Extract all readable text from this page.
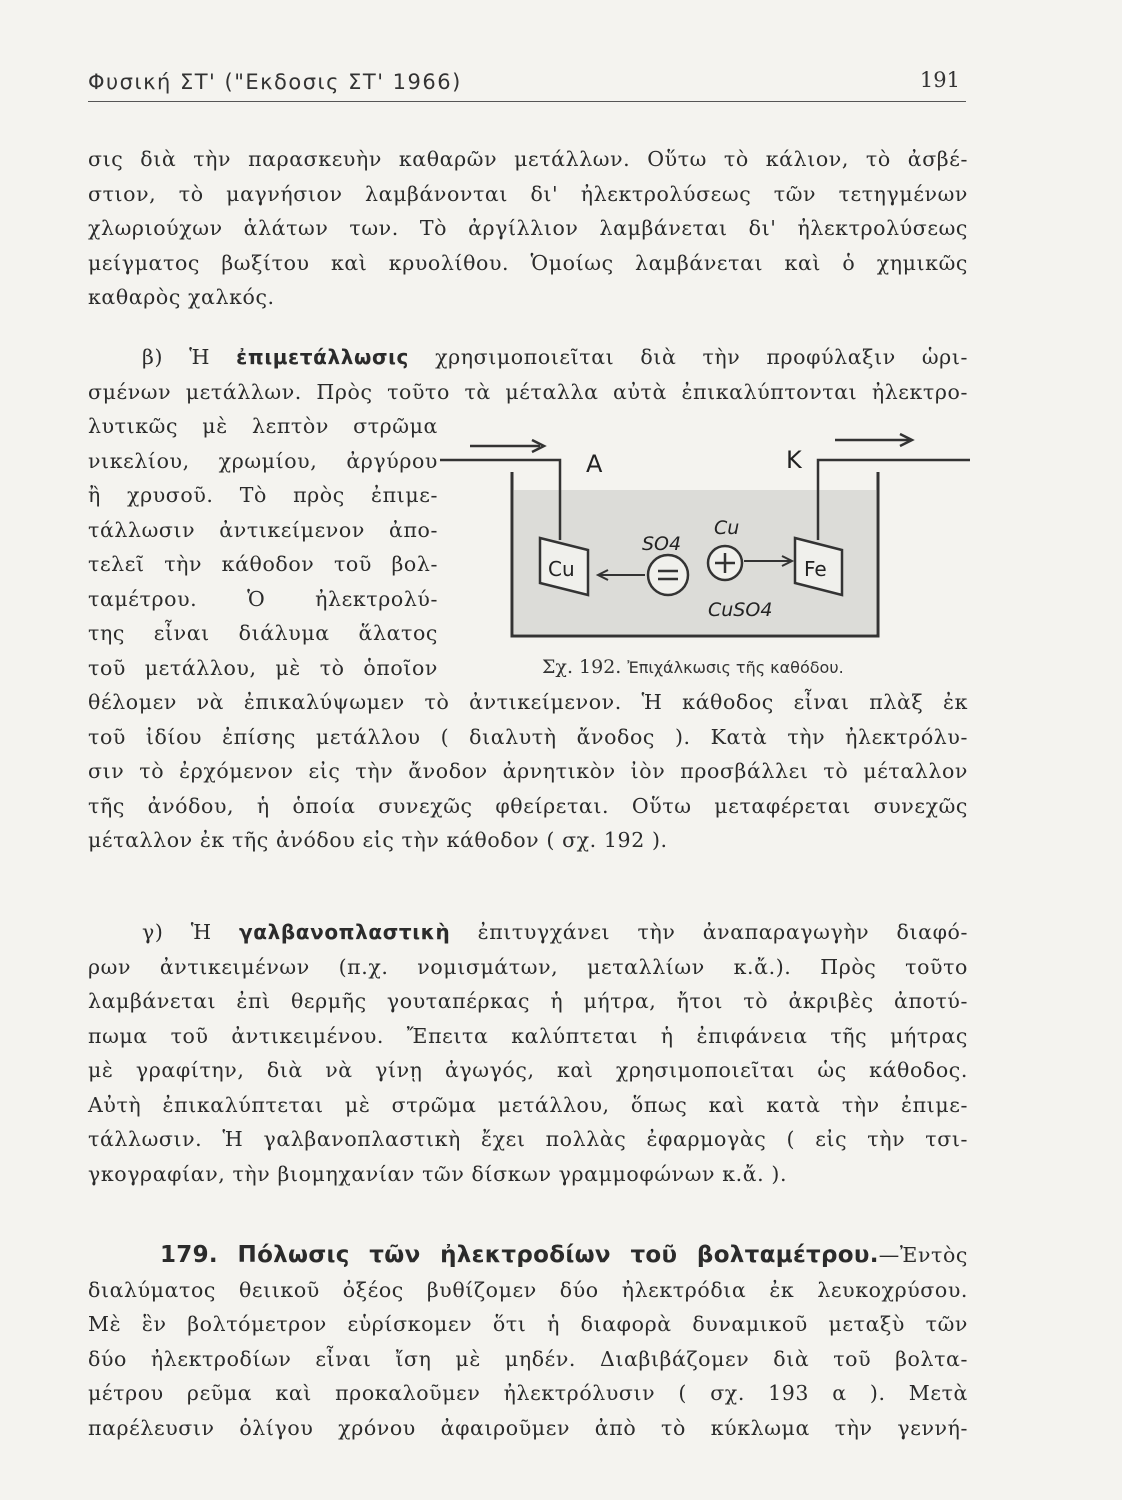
Φυσική ΣΤ' ("Εκδοσις ΣΤ' 1966)	191
σις διὰ τὴν παρασκευὴν καθαρῶν μετάλλων. Οὕτω τὸ κάλιον, τὸ ἀσβέ-
στιον, τὸ μαγνήσιον λαμβάνονται δι' ἠλεκτρολύσεως τῶν τετηγμένων
χλωριούχων ἁλάτων των. Τὸ ἀργίλλιον λαμβάνεται δι' ἠλεκτρολύσεως
μείγματος βωξίτου καὶ κρυολίθου. Ὁμοίως λαμβάνεται καὶ ὁ χημικῶς
καθαρὸς χαλκός.
β) Ἡ ἐπιμετάλλωσις χρησιμοποιεῖται διὰ τὴν προφύλαξιν ὡρι-
σμένων μετάλλων. Πρὸς τοῦτο τὰ μέταλλα αὐτὰ ἐπικαλύπτονται ἠλεκτρο-
λυτικῶς μὲ λεπτὸν στρῶμα
νικελίου, χρωμίου, ἀργύρου
ἢ χρυσοῦ. Τὸ πρὸς ἐπιμε-
τάλλωσιν ἀντικείμενον ἀπο-
τελεῖ τὴν κάθοδον τοῦ βολ-
ταμέτρου. Ὁ ἠλεκτρολύ-
της εἶναι διάλυμα ἅλατος
τοῦ μετάλλου, μὲ τὸ ὁποῖον
θέλομεν νὰ ἐπικαλύψωμεν τὸ ἀντικείμενον. Ἡ κάθοδος εἶναι πλὰξ ἐκ
τοῦ ἰδίου ἐπίσης μετάλλου ( διαλυτὴ ἄνοδος ). Κατὰ τὴν ἠλεκτρόλυ-
σιν τὸ ἐρχόμενον εἰς τὴν ἄνοδον ἀρνητικὸν ἰὸν προσβάλλει τὸ μέταλλον
τῆς ἀνόδου, ἡ ὁποία συνεχῶς φθείρεται. Οὕτω μεταφέρεται συνεχῶς
μέταλλον ἐκ τῆς ἀνόδου εἰς τὴν κάθοδον ( σχ. 192 ).
A	K
Cu	Fe
SO4
Cu
CuSO4
Σχ. 192. Ἐπιχάλκωσις τῆς καθόδου.
γ) Ἡ γαλβανοπλαστικὴ ἐπιτυγχάνει τὴν ἀναπαραγωγὴν διαφό-
ρων ἀντικειμένων (π.χ. νομισμάτων, μεταλλίων κ.ἄ.). Πρὸς τοῦτο
λαμβάνεται ἐπὶ θερμῆς γουταπέρκας ἡ μήτρα, ἤτοι τὸ ἀκριβὲς ἀποτύ-
πωμα τοῦ ἀντικειμένου. Ἔπειτα καλύπτεται ἡ ἐπιφάνεια τῆς μήτρας
μὲ γραφίτην, διὰ νὰ γίνῃ ἀγωγός, καὶ χρησιμοποιεῖται ὡς κάθοδος.
Αὐτὴ ἐπικαλύπτεται μὲ στρῶμα μετάλλου, ὅπως καὶ κατὰ τὴν ἐπιμε-
τάλλωσιν. Ἡ γαλβανοπλαστικὴ ἔχει πολλὰς ἐφαρμογὰς ( εἰς τὴν τσι-
γκογραφίαν, τὴν βιομηχανίαν τῶν δίσκων γραμμοφώνων κ.ἄ. ).
179. Πόλωσις τῶν ἠλεκτροδίων τοῦ βολταμέτρου.—Ἐντὸς
διαλύματος θειικοῦ ὀξέος βυθίζομεν δύο ἠλεκτρόδια ἐκ λευκοχρύσου.
Μὲ ἓν βολτόμετρον εὑρίσκομεν ὅτι ἡ διαφορὰ δυναμικοῦ μεταξὺ τῶν
δύο ἠλεκτροδίων εἶναι ἴση μὲ μηδέν. Διαβιβάζομεν διὰ τοῦ βολτα-
μέτρου ρεῦμα καὶ προκαλοῦμεν ἠλεκτρόλυσιν ( σχ. 193 α ). Μετὰ
παρέλευσιν ὀλίγου χρόνου ἀφαιροῦμεν ἀπὸ τὸ κύκλωμα τὴν γεννή-
